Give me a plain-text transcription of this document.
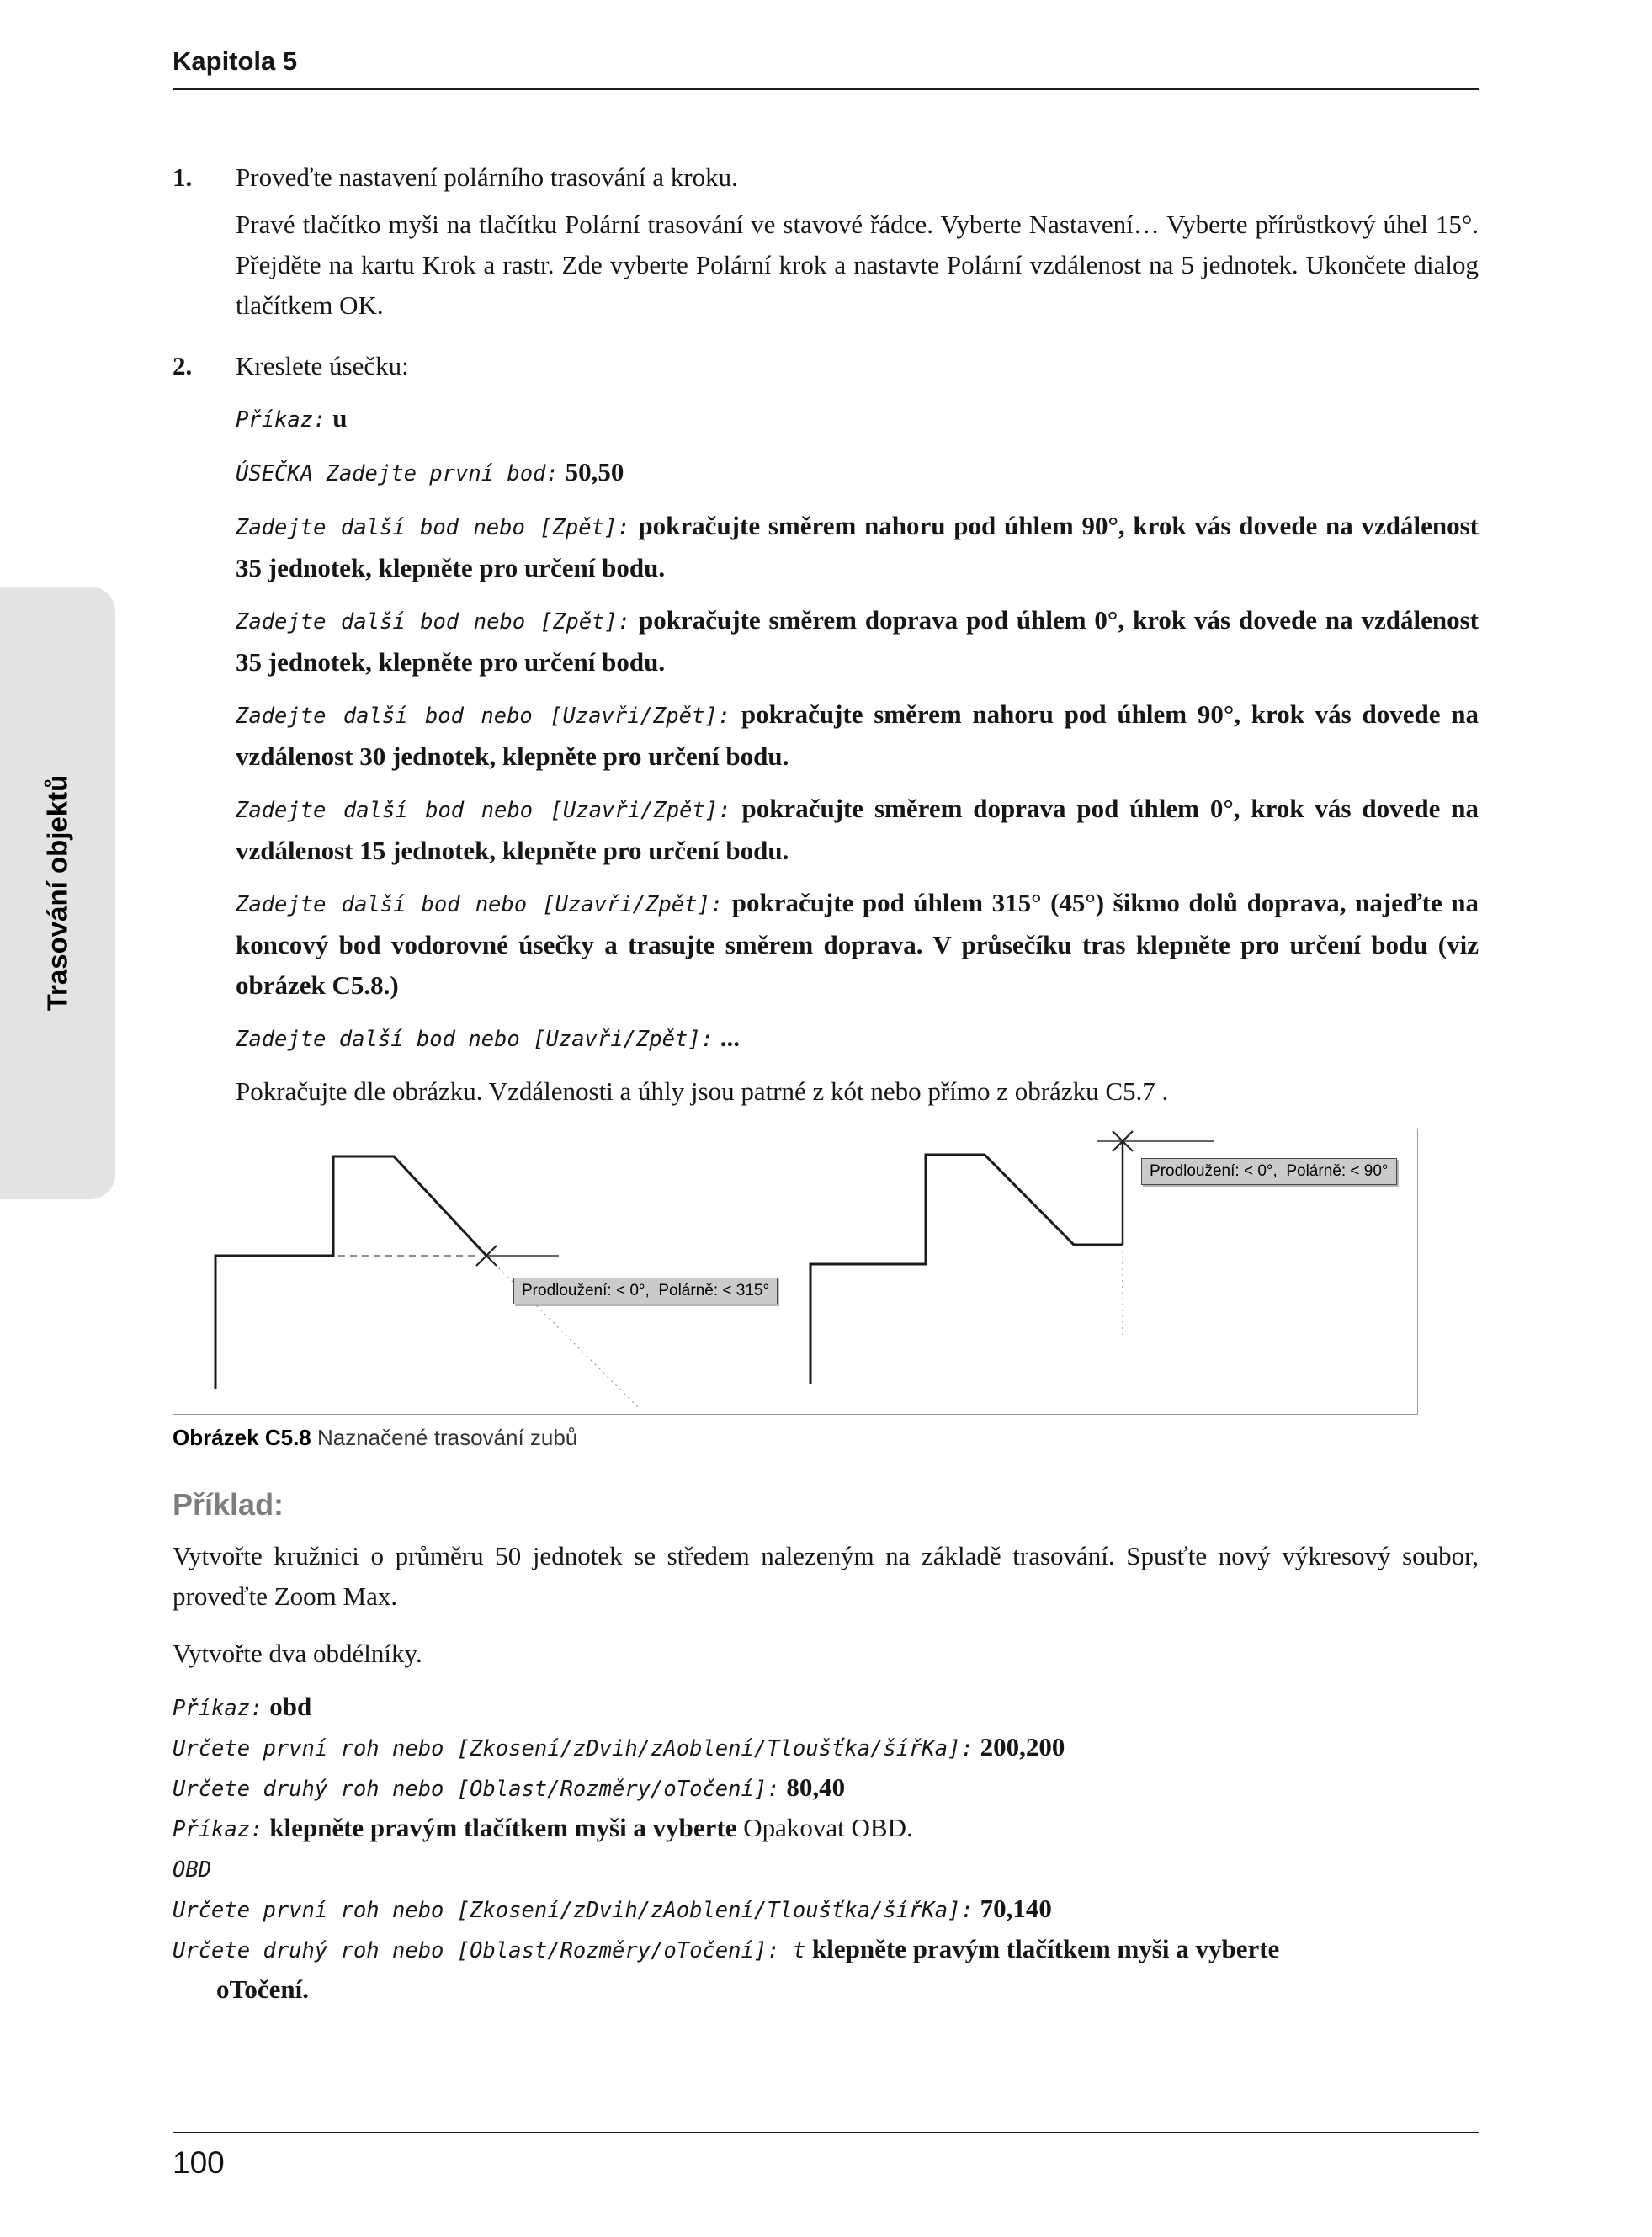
Trasování objektů
Kapitola 5
1.	Proveďte nastavení polárního trasování a kroku.

Pravé tlačítko myši na tlačítku Polární trasování ve stavové řádce. Vyberte Nastavení… Vyberte přírůstkový úhel 15°. Přejděte na kartu Krok a rastr. Zde vyberte Polární krok a nastavte Polární vzdálenost na 5 jednotek. Ukončete dialog tlačítkem OK.

2.	Kreslete úsečku:

Příkaz: u

ÚSEČKA Zadejte první bod: 50,50

Zadejte další bod nebo [Zpět]: pokračujte směrem nahoru pod úhlem 90°, krok vás dovede na vzdálenost 35 jednotek, klepněte pro určení bodu.

Zadejte další bod nebo [Zpět]: pokračujte směrem doprava pod úhlem 0°, krok vás dovede na vzdálenost 35 jednotek, klepněte pro určení bodu.

Zadejte další bod nebo [Uzavři/Zpět]: pokračujte směrem nahoru pod úhlem 90°, krok vás dovede na vzdálenost 30 jednotek, klepněte pro určení bodu.

Zadejte další bod nebo [Uzavři/Zpět]: pokračujte směrem doprava pod úhlem 0°, krok vás dovede na vzdálenost 15 jednotek, klepněte pro určení bodu.

Zadejte další bod nebo [Uzavři/Zpět]: pokračujte pod úhlem 315° (45°) šikmo dolů doprava, najeďte na koncový bod vodorovné úsečky a trasujte směrem doprava. V průsečíku tras klepněte pro určení bodu (viz obrázek C5.8.)

Zadejte další bod nebo [Uzavři/Zpět]: ...

Pokračujte dle obrázku. Vzdálenosti a úhly jsou patrné z kót nebo přímo z obrázku C5.7 .

Prodloužení: < 0°,  Polárně: < 315°
Prodloužení: < 0°,  Polárně: < 90°
Obrázek C5.8 Naznačené trasování zubů
Příklad:

Vytvořte kružnici o průměru 50 jednotek se středem nalezeným na základě trasování. Spusťte nový výkresový soubor, proveďte Zoom Max.

Vytvořte dva obdélníky.

Příkaz: obd
Určete první roh nebo [Zkosení/zDvih/zAoblení/Tloušťka/šířKa]: 200,200
Určete druhý roh nebo [Oblast/Rozměry/oTočení]: 80,40
Příkaz: klepněte pravým tlačítkem myši a vyberte Opakovat OBD.
OBD
Určete první roh nebo [Zkosení/zDvih/zAoblení/Tloušťka/šířKa]: 70,140
Určete druhý roh nebo [Oblast/Rozměry/oTočení]: t klepněte pravým tlačítkem myši a vyberte
oTočení.
100
